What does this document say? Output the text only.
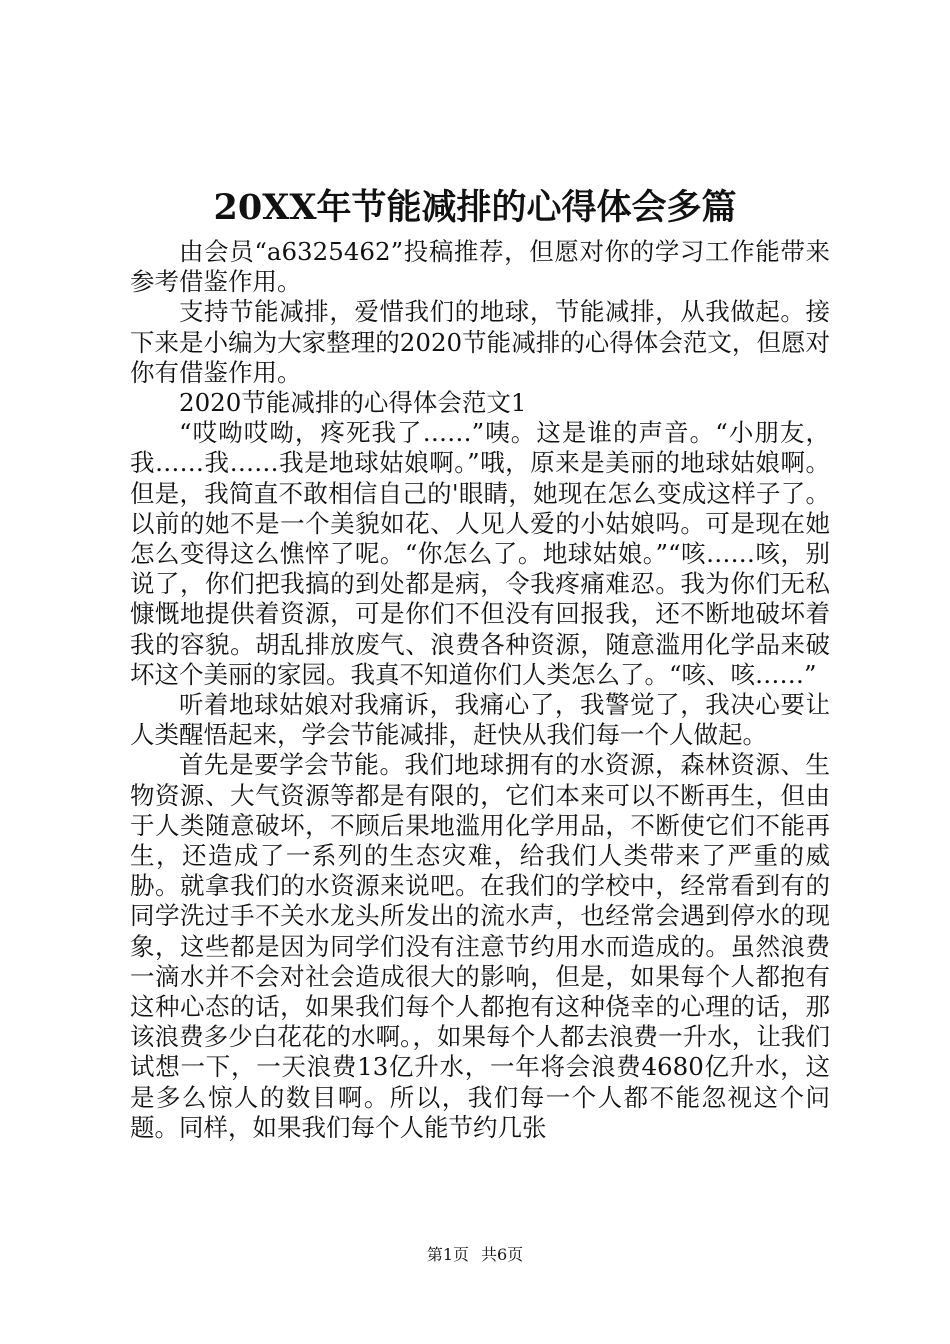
20XX年节能减排的心得体会多篇

由会员“a6325462”投稿推荐，但愿对你的学习工作能带来参考借鉴作用。

支持节能减排，爱惜我们的地球，节能减排，从我做起。接下来是小编为大家整理的2020节能减排的心得体会范文，但愿对你有借鉴作用。

2020节能减排的心得体会范文1

“哎呦哎呦，疼死我了……”咦。这是谁的声音。“小朋友，我……我……我是地球姑娘啊。”哦，原来是美丽的地球姑娘啊。但是，我简直不敢相信自己的'眼睛，她现在怎么变成这样子了。以前的她不是一个美貌如花、人见人爱的小姑娘吗。可是现在她怎么变得这么憔悴了呢。“你怎么了。地球姑娘。”“咳……咳，别说了，你们把我搞的到处都是病，令我疼痛难忍。我为你们无私慷慨地提供着资源，可是你们不但没有回报我，还不断地破坏着我的容貌。胡乱排放废气、浪费各种资源，随意滥用化学品来破坏这个美丽的家园。我真不知道你们人类怎么了。“咳、咳……”

听着地球姑娘对我痛诉，我痛心了，我警觉了，我决心要让人类醒悟起来，学会节能减排，赶快从我们每一个人做起。

首先是要学会节能。我们地球拥有的水资源，森林资源、生物资源、大气资源等都是有限的，它们本来可以不断再生，但由于人类随意破坏，不顾后果地滥用化学用品，不断使它们不能再生，还造成了一系列的生态灾难，给我们人类带来了严重的威胁。就拿我们的水资源来说吧。在我们的学校中，经常看到有的同学洗过手不关水龙头所发出的流水声，也经常会遇到停水的现象，这些都是因为同学们没有注意节约用水而造成的。虽然浪费一滴水并不会对社会造成很大的影响，但是，如果每个人都抱有这种心态的话，如果我们每个人都抱有这种侥幸的心理的话，那该浪费多少白花花的水啊。，如果每个人都去浪费一升水，让我们试想一下，一天浪费13亿升水，一年将会浪费4680亿升水，这是多么惊人的数目啊。所以，我们每一个人都不能忽视这个问题。同样，如果我们每个人能节约几张

第1页 共6页
